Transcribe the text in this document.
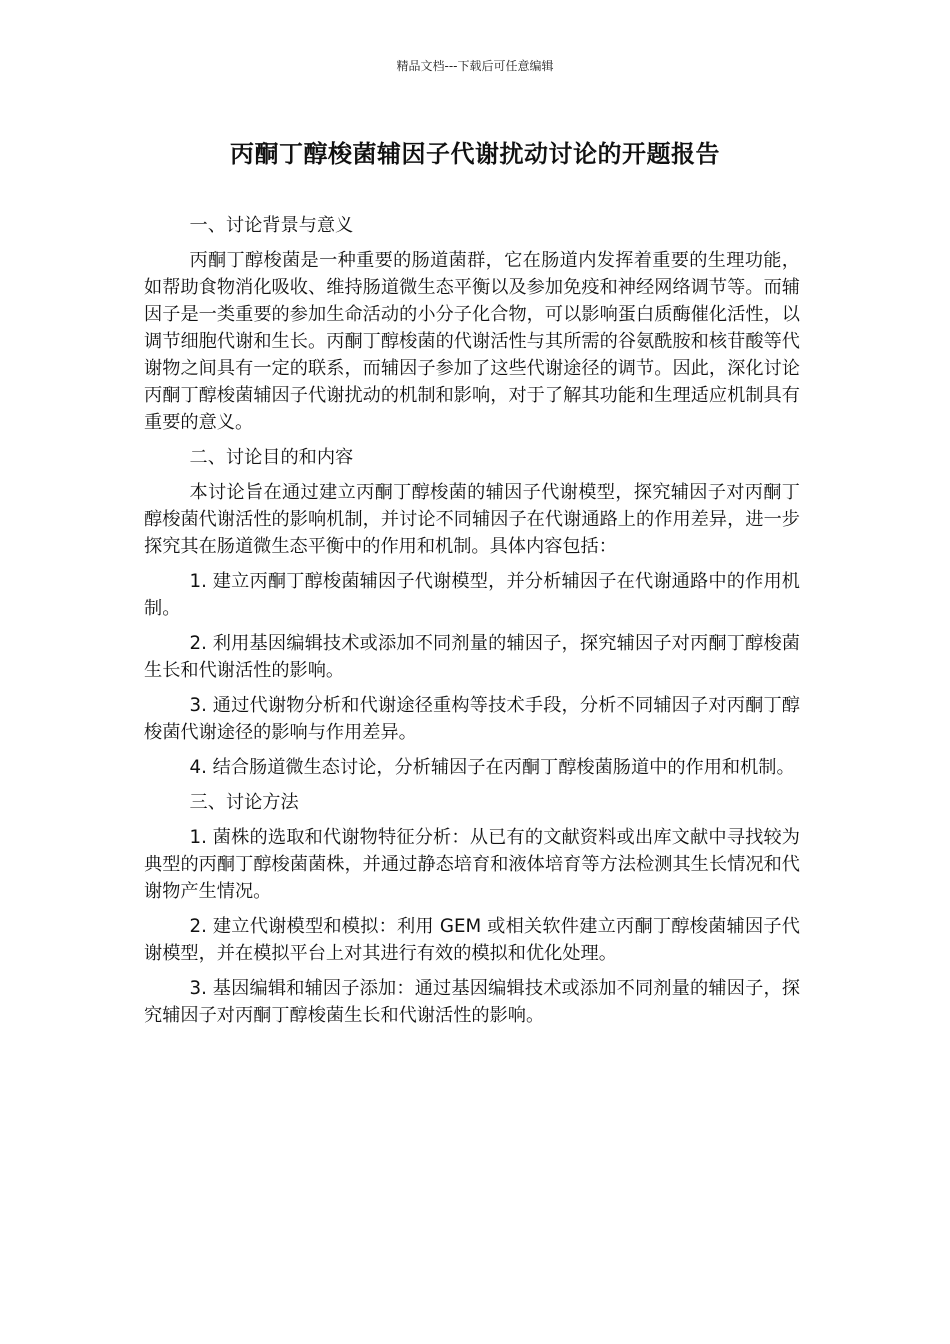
精品文档---下载后可任意编辑
丙酮丁醇梭菌辅因子代谢扰动讨论的开题报告

一、讨论背景与意义

丙酮丁醇梭菌是一种重要的肠道菌群，它在肠道内发挥着重要的生理功能，如帮助食物消化吸收、维持肠道微生态平衡以及参加免疫和神经网络调节等。而辅因子是一类重要的参加生命活动的小分子化合物，可以影响蛋白质酶催化活性，以调节细胞代谢和生长。丙酮丁醇梭菌的代谢活性与其所需的谷氨酰胺和核苷酸等代谢物之间具有一定的联系，而辅因子参加了这些代谢途径的调节。因此，深化讨论丙酮丁醇梭菌辅因子代谢扰动的机制和影响，对于了解其功能和生理适应机制具有重要的意义。

二、讨论目的和内容

本讨论旨在通过建立丙酮丁醇梭菌的辅因子代谢模型，探究辅因子对丙酮丁醇梭菌代谢活性的影响机制，并讨论不同辅因子在代谢通路上的作用差异，进一步探究其在肠道微生态平衡中的作用和机制。具体内容包括：

1. 建立丙酮丁醇梭菌辅因子代谢模型，并分析辅因子在代谢通路中的作用机制。

2. 利用基因编辑技术或添加不同剂量的辅因子，探究辅因子对丙酮丁醇梭菌生长和代谢活性的影响。

3. 通过代谢物分析和代谢途径重构等技术手段，分析不同辅因子对丙酮丁醇梭菌代谢途径的影响与作用差异。

4. 结合肠道微生态讨论，分析辅因子在丙酮丁醇梭菌肠道中的作用和机制。

三、讨论方法

1. 菌株的选取和代谢物特征分析：从已有的文献资料或出库文献中寻找较为典型的丙酮丁醇梭菌菌株，并通过静态培育和液体培育等方法检测其生长情况和代谢物产生情况。

2. 建立代谢模型和模拟：利用 GEM 或相关软件建立丙酮丁醇梭菌辅因子代谢模型，并在模拟平台上对其进行有效的模拟和优化处理。

3. 基因编辑和辅因子添加：通过基因编辑技术或添加不同剂量的辅因子，探究辅因子对丙酮丁醇梭菌生长和代谢活性的影响。
